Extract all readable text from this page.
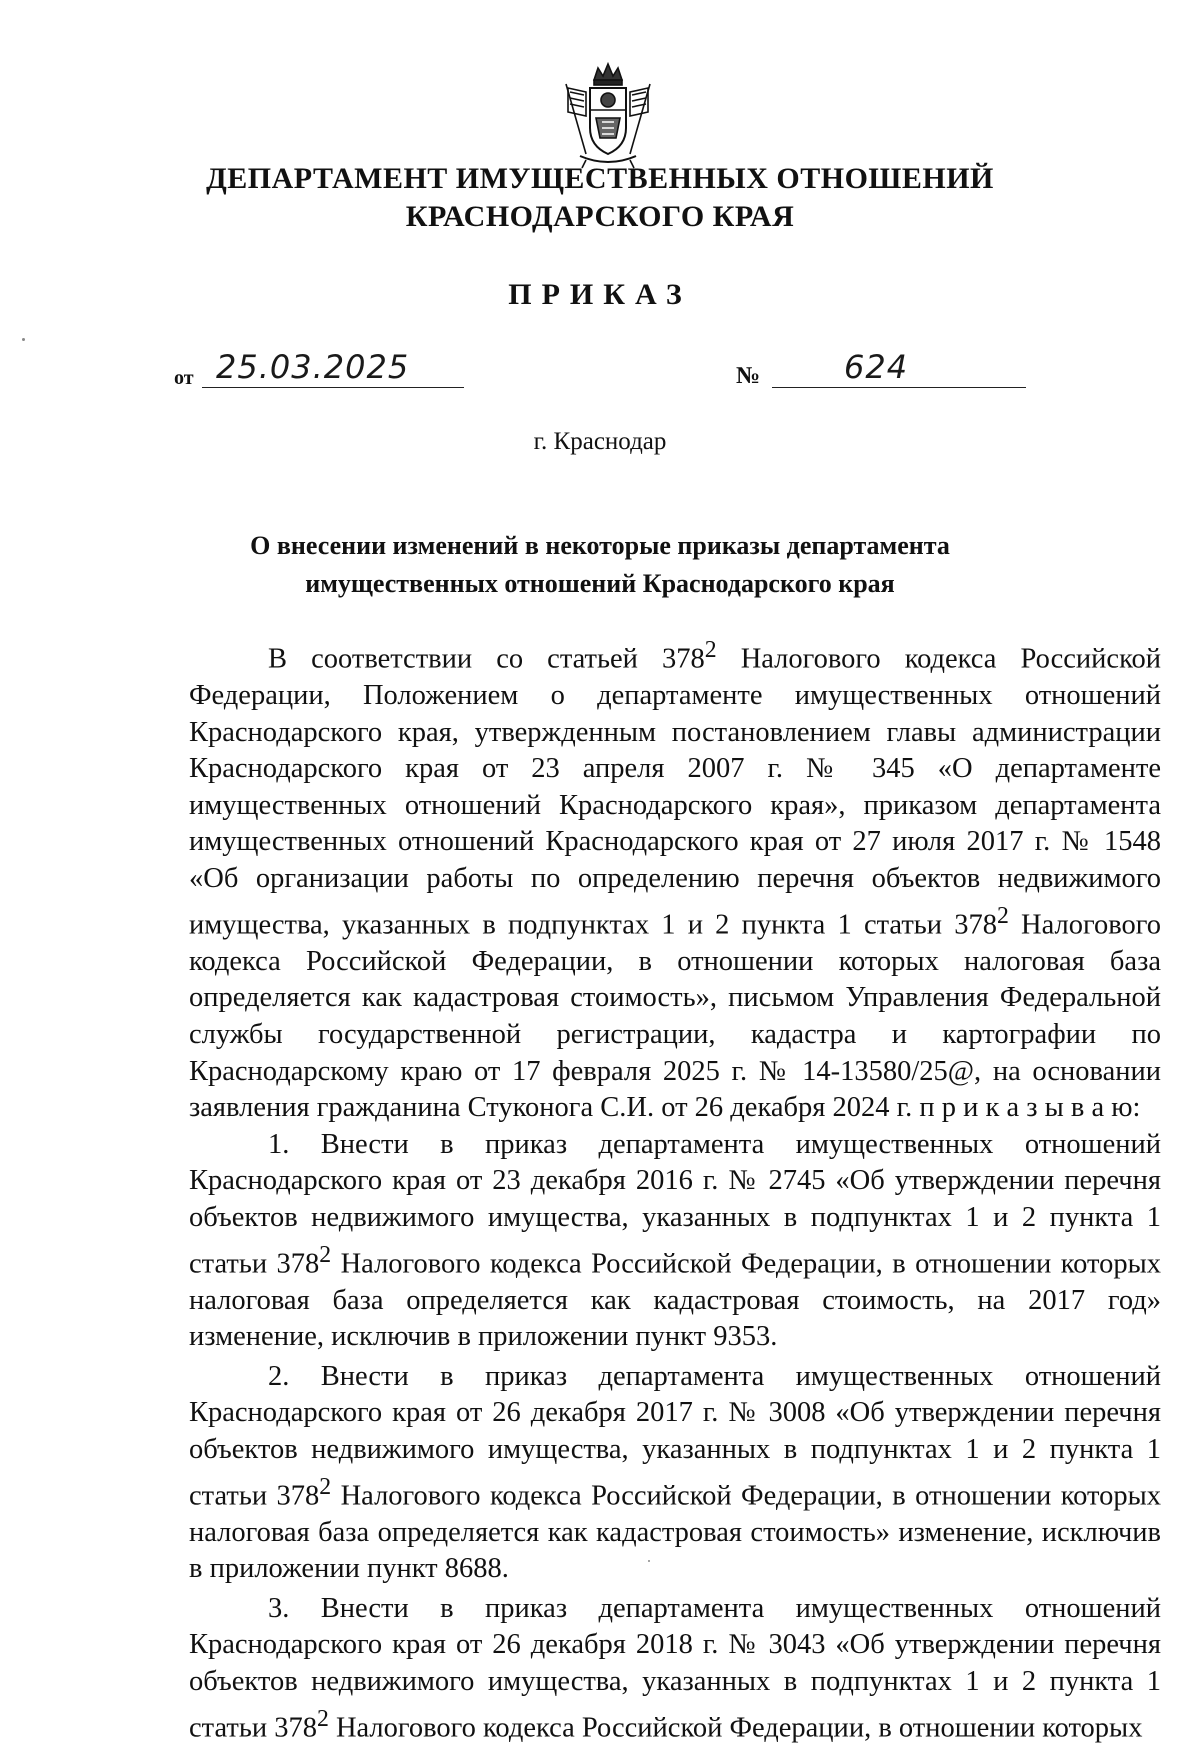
ДЕПАРТАМЕНТ ИМУЩЕСТВЕННЫХ ОТНОШЕНИЙ
КРАСНОДАРСКОГО КРАЯ
ПРИКАЗ
от 25.03.2025	№	624
г. Краснодар
О внесении изменений в некоторые приказы департамента
имущественных отношений Краснодарского края

В соответствии со статьей $378^2$ Налогового кодекса Российской Федерации, Положением о департаменте имущественных отношений Краснодарского края, утвержденным постановлением главы администрации Краснодарского края от 23 апреля 2007 г. № 345 «О департаменте имущественных отношений Краснодарского края», приказом департамента имущественных отношений Краснодарского края от 27 июля 2017 г. № 1548 «Об организации работы по определению перечня объектов недвижимого имущества, указанных в подпунктах 1 и 2 пункта 1 статьи $378^2$ Налогового кодекса Российской Федерации, в отношении которых налоговая база определяется как кадастровая стоимость», письмом Управления Федеральной службы государственной регистрации, кадастра и картографии по Краснодарскому краю от 17 февраля 2025 г. № 14-13580/25@, на основании заявления гражданина Стуконога С.И. от 26 декабря 2024 г. п р и к а з ы в а ю:

1. Внести в приказ департамента имущественных отношений Краснодарского края от 23 декабря 2016 г. № 2745 «Об утверждении перечня объектов недвижимого имущества, указанных в подпунктах 1 и 2 пункта 1 статьи $378^2$ Налогового кодекса Российской Федерации, в отношении которых налоговая база определяется как кадастровая стоимость, на 2017 год» изменение, исключив в приложении пункт 9353.

2. Внести в приказ департамента имущественных отношений Краснодарского края от 26 декабря 2017 г. № 3008 «Об утверждении перечня объектов недвижимого имущества, указанных в подпунктах 1 и 2 пункта 1 статьи $378^2$ Налогового кодекса Российской Федерации, в отношении которых налоговая база определяется как кадастровая стоимость» изменение, исключив в приложении пункт 8688.

3. Внести в приказ департамента имущественных отношений Краснодарского края от 26 декабря 2018 г. № 3043 «Об утверждении перечня объектов недвижимого имущества, указанных в подпунктах 1 и 2 пункта 1 статьи $378^2$ Налогового кодекса Российской Федерации, в отношении которых
